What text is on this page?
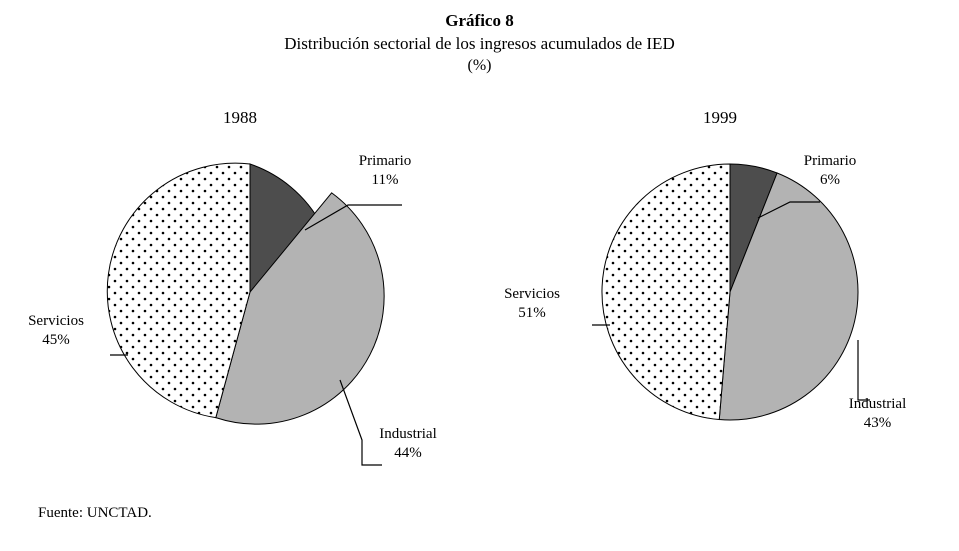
Gráfico 8
Distribución sectorial de los ingresos acumulados de IED
(%)
1988	1999
Primario
11%
Servicios
45%
Industrial
44%
Primario
6%
Servicios
51%
Industrial
43%
Fuente: UNCTAD.
